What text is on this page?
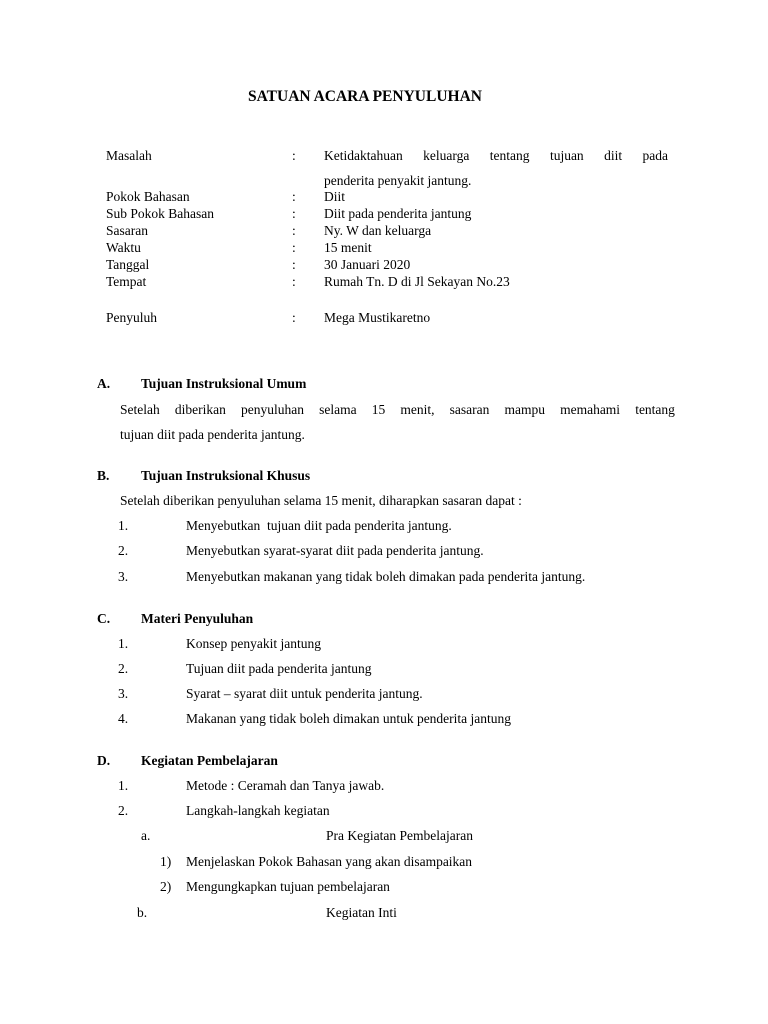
SATUAN ACARA PENYULUHAN
Masalah	: Ketidaktahuan keluarga tentang tujuan diit pada
penderita penyakit jantung.
Pokok Bahasan	: Diit
Sub Pokok Bahasan	: Diit pada penderita jantung
Sasaran	: Ny. W dan keluarga
Waktu	: 15 menit
Tanggal	: 30 Januari 2020
Tempat	: Rumah Tn. D di Jl Sekayan No.23
Penyuluh	: Mega Mustikaretno
A. Tujuan Instruksional Umum
Setelah diberikan penyuluhan selama 15 menit, sasaran mampu memahami tentang
tujuan diit pada penderita jantung.
B. Tujuan Instruksional Khusus
Setelah diberikan penyuluhan selama 15 menit, diharapkan sasaran dapat :
1.	Menyebutkan  tujuan diit pada penderita jantung.
2.	Menyebutkan syarat-syarat diit pada penderita jantung.
3.	Menyebutkan makanan yang tidak boleh dimakan pada penderita jantung.
C. Materi Penyuluhan
1.	Konsep penyakit jantung
2.	Tujuan diit pada penderita jantung
3.	Syarat – syarat diit untuk penderita jantung.
4.	Makanan yang tidak boleh dimakan untuk penderita jantung
D. Kegiatan Pembelajaran
1.	Metode : Ceramah dan Tanya jawab.
2.	Langkah-langkah kegiatan
a.	Pra Kegiatan Pembelajaran
1) Menjelaskan Pokok Bahasan yang akan disampaikan
2) Mengungkapkan tujuan pembelajaran
b.	Kegiatan Inti
